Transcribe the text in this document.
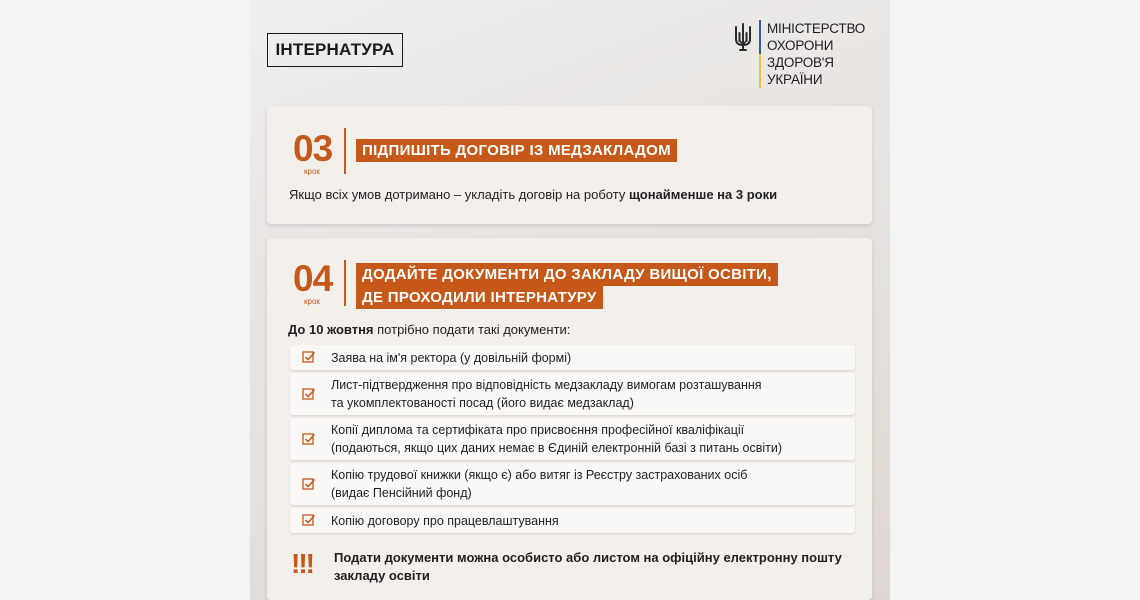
ІНТЕРНАТУРА
МІНІСТЕРСТВО
ОХОРОНИ
ЗДОРОВ'Я
УКРАЇНИ
03
крок
ПІДПИШІТЬ ДОГОВІР ІЗ МЕДЗАКЛАДОМ
Якщо всіх умов дотримано – укладіть договір на роботу щонайменше на 3 роки
04
крок
ДОДАЙТЕ ДОКУМЕНТИ ДО ЗАКЛАДУ ВИЩОЇ ОСВІТИ,
ДЕ ПРОХОДИЛИ ІНТЕРНАТУРУ
До 10 жовтня потрібно подати такі документи:
Заява на ім'я ректора (у довільній формі)
Лист-підтвердження про відповідність медзакладу вимогам розташування
та укомплектованості посад (його видає медзаклад)
Копії диплома та сертифіката про присвоєння професійної кваліфікації
(подаються, якщо цих даних немає в Єдиній електронній базі з питань освіти)
Копію трудової книжки (якщо є) або витяг із Реєстру застрахованих осіб
(видає Пенсійний фонд)
Копію договору про працевлаштування
!!! Подати документи можна особисто або листом на офіційну електронну пошту
закладу освіти
